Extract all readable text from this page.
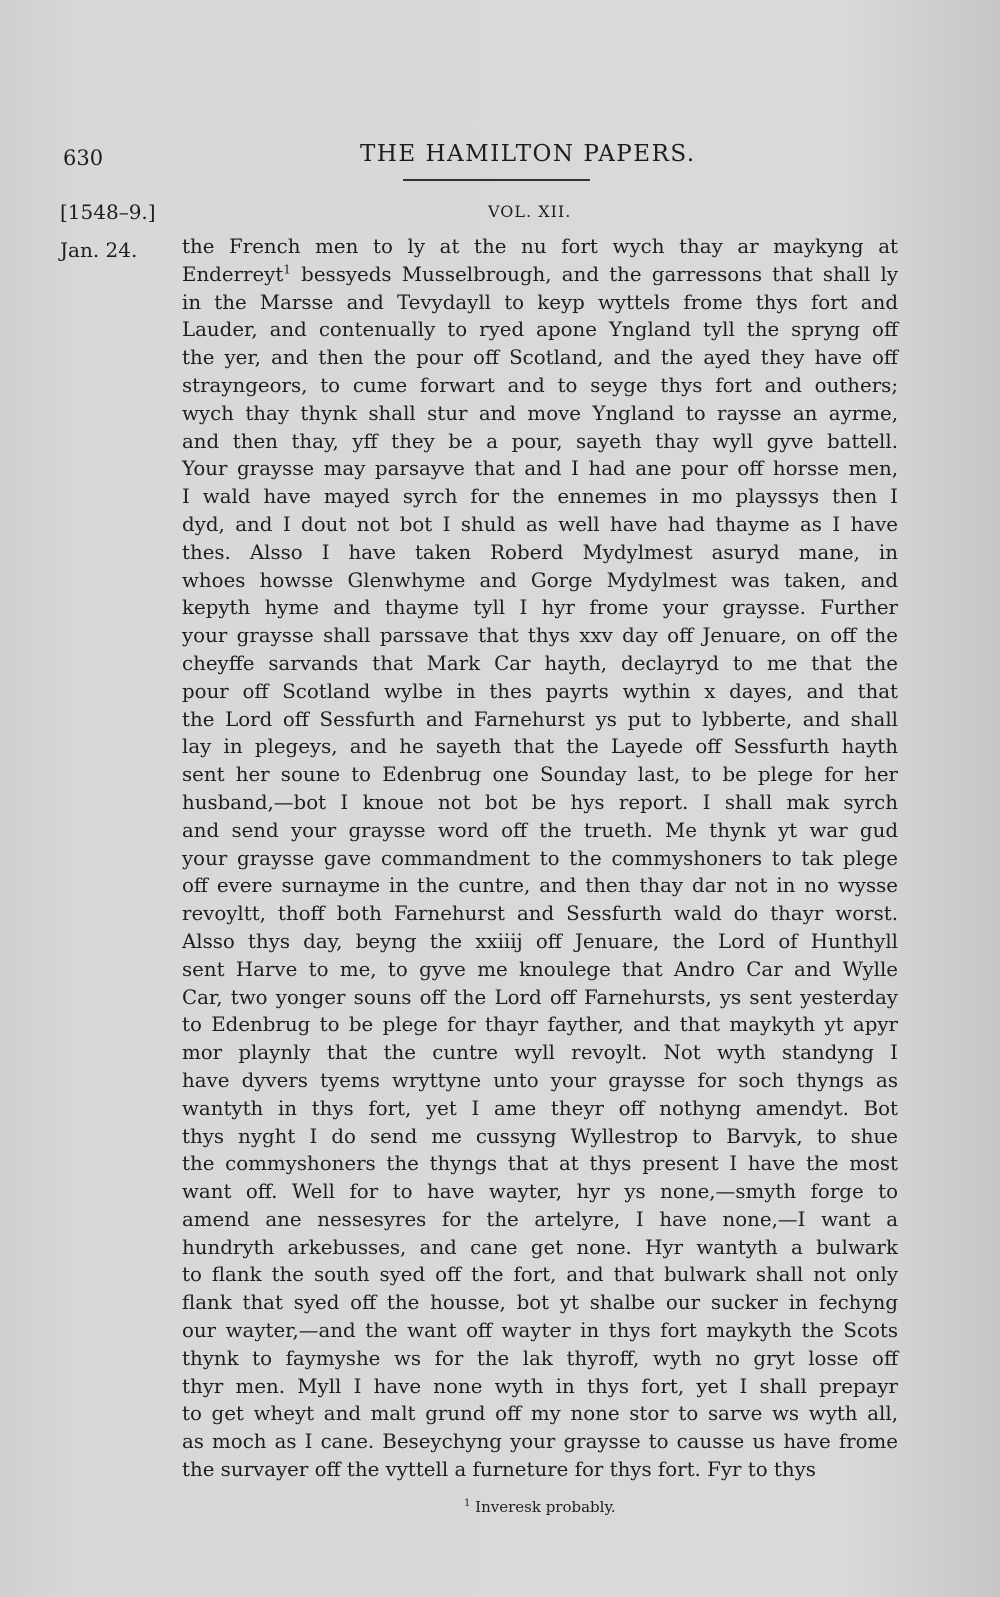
630	THE HAMILTON PAPERS.
[1548–9.]	VOL. XII.
Jan. 24. the French men to ly at the nu fort wych thay ar maykyng at
Enderreyt$^1$ bessyeds Musselbrough, and the garressons that shall ly
in the Marsse and Tevydayll to keyp wyttels frome thys fort and
Lauder, and contenually to ryed apone Yngland tyll the spryng off
the yer, and then the pour off Scotland, and the ayed they have off
strayngeors, to cume forwart and to seyge thys fort and outhers;
wych thay thynk shall stur and move Yngland to raysse an ayrme,
and then thay, yff they be a pour, sayeth thay wyll gyve battell.
Your graysse may parsayve that and I had ane pour off horsse men,
I wald have mayed syrch for the ennemes in mo playssys then I
dyd, and I dout not bot I shuld as well have had thayme as I have
thes. Alsso I have taken Roberd Mydylmest asuryd mane, in
whoes howsse Glenwhyme and Gorge Mydylmest was taken, and
kepyth hyme and thayme tyll I hyr frome your graysse. Further
your graysse shall parssave that thys xxv day off Jenuare, on off the
cheyffe sarvands that Mark Car hayth, declayryd to me that the
pour off Scotland wylbe in thes payrts wythin x dayes, and that
the Lord off Sessfurth and Farnehurst ys put to lybberte, and shall
lay in plegeys, and he sayeth that the Layede off Sessfurth hayth
sent her soune to Edenbrug one Sounday last, to be plege for her
husband,—bot I knoue not bot be hys report. I shall mak syrch
and send your graysse word off the trueth. Me thynk yt war gud
your graysse gave commandment to the commyshoners to tak plege
off evere surnayme in the cuntre, and then thay dar not in no wysse
revoyltt, thoff both Farnehurst and Sessfurth wald do thayr worst.
Alsso thys day, beyng the xxiiij off Jenuare, the Lord of Hunthyll
sent Harve to me, to gyve me knoulege that Andro Car and Wylle
Car, two yonger souns off the Lord off Farnehursts, ys sent yesterday
to Edenbrug to be plege for thayr fayther, and that maykyth yt apyr
mor playnly that the cuntre wyll revoylt. Not wyth standyng I
have dyvers tyems wryttyne unto your graysse for soch thyngs as
wantyth in thys fort, yet I ame theyr off nothyng amendyt. Bot
thys nyght I do send me cussyng Wyllestrop to Barvyk, to shue
the commyshoners the thyngs that at thys present I have the most
want off. Well for to have wayter, hyr ys none,—smyth forge to
amend ane nessesyres for the artelyre, I have none,—I want a
hundryth arkebusses, and cane get none. Hyr wantyth a bulwark
to flank the south syed off the fort, and that bulwark shall not only
flank that syed off the housse, bot yt shalbe our sucker in fechyng
our wayter,—and the want off wayter in thys fort maykyth the Scots
thynk to faymyshe ws for the lak thyroff, wyth no gryt losse off
thyr men. Myll I have none wyth in thys fort, yet I shall prepayr
to get wheyt and malt grund off my none stor to sarve ws wyth all,
as moch as I cane. Beseychyng your graysse to causse us have frome
the survayer off the vyttell a furneture for thys fort. Fyr to thys
$^1$ Inveresk probably.
